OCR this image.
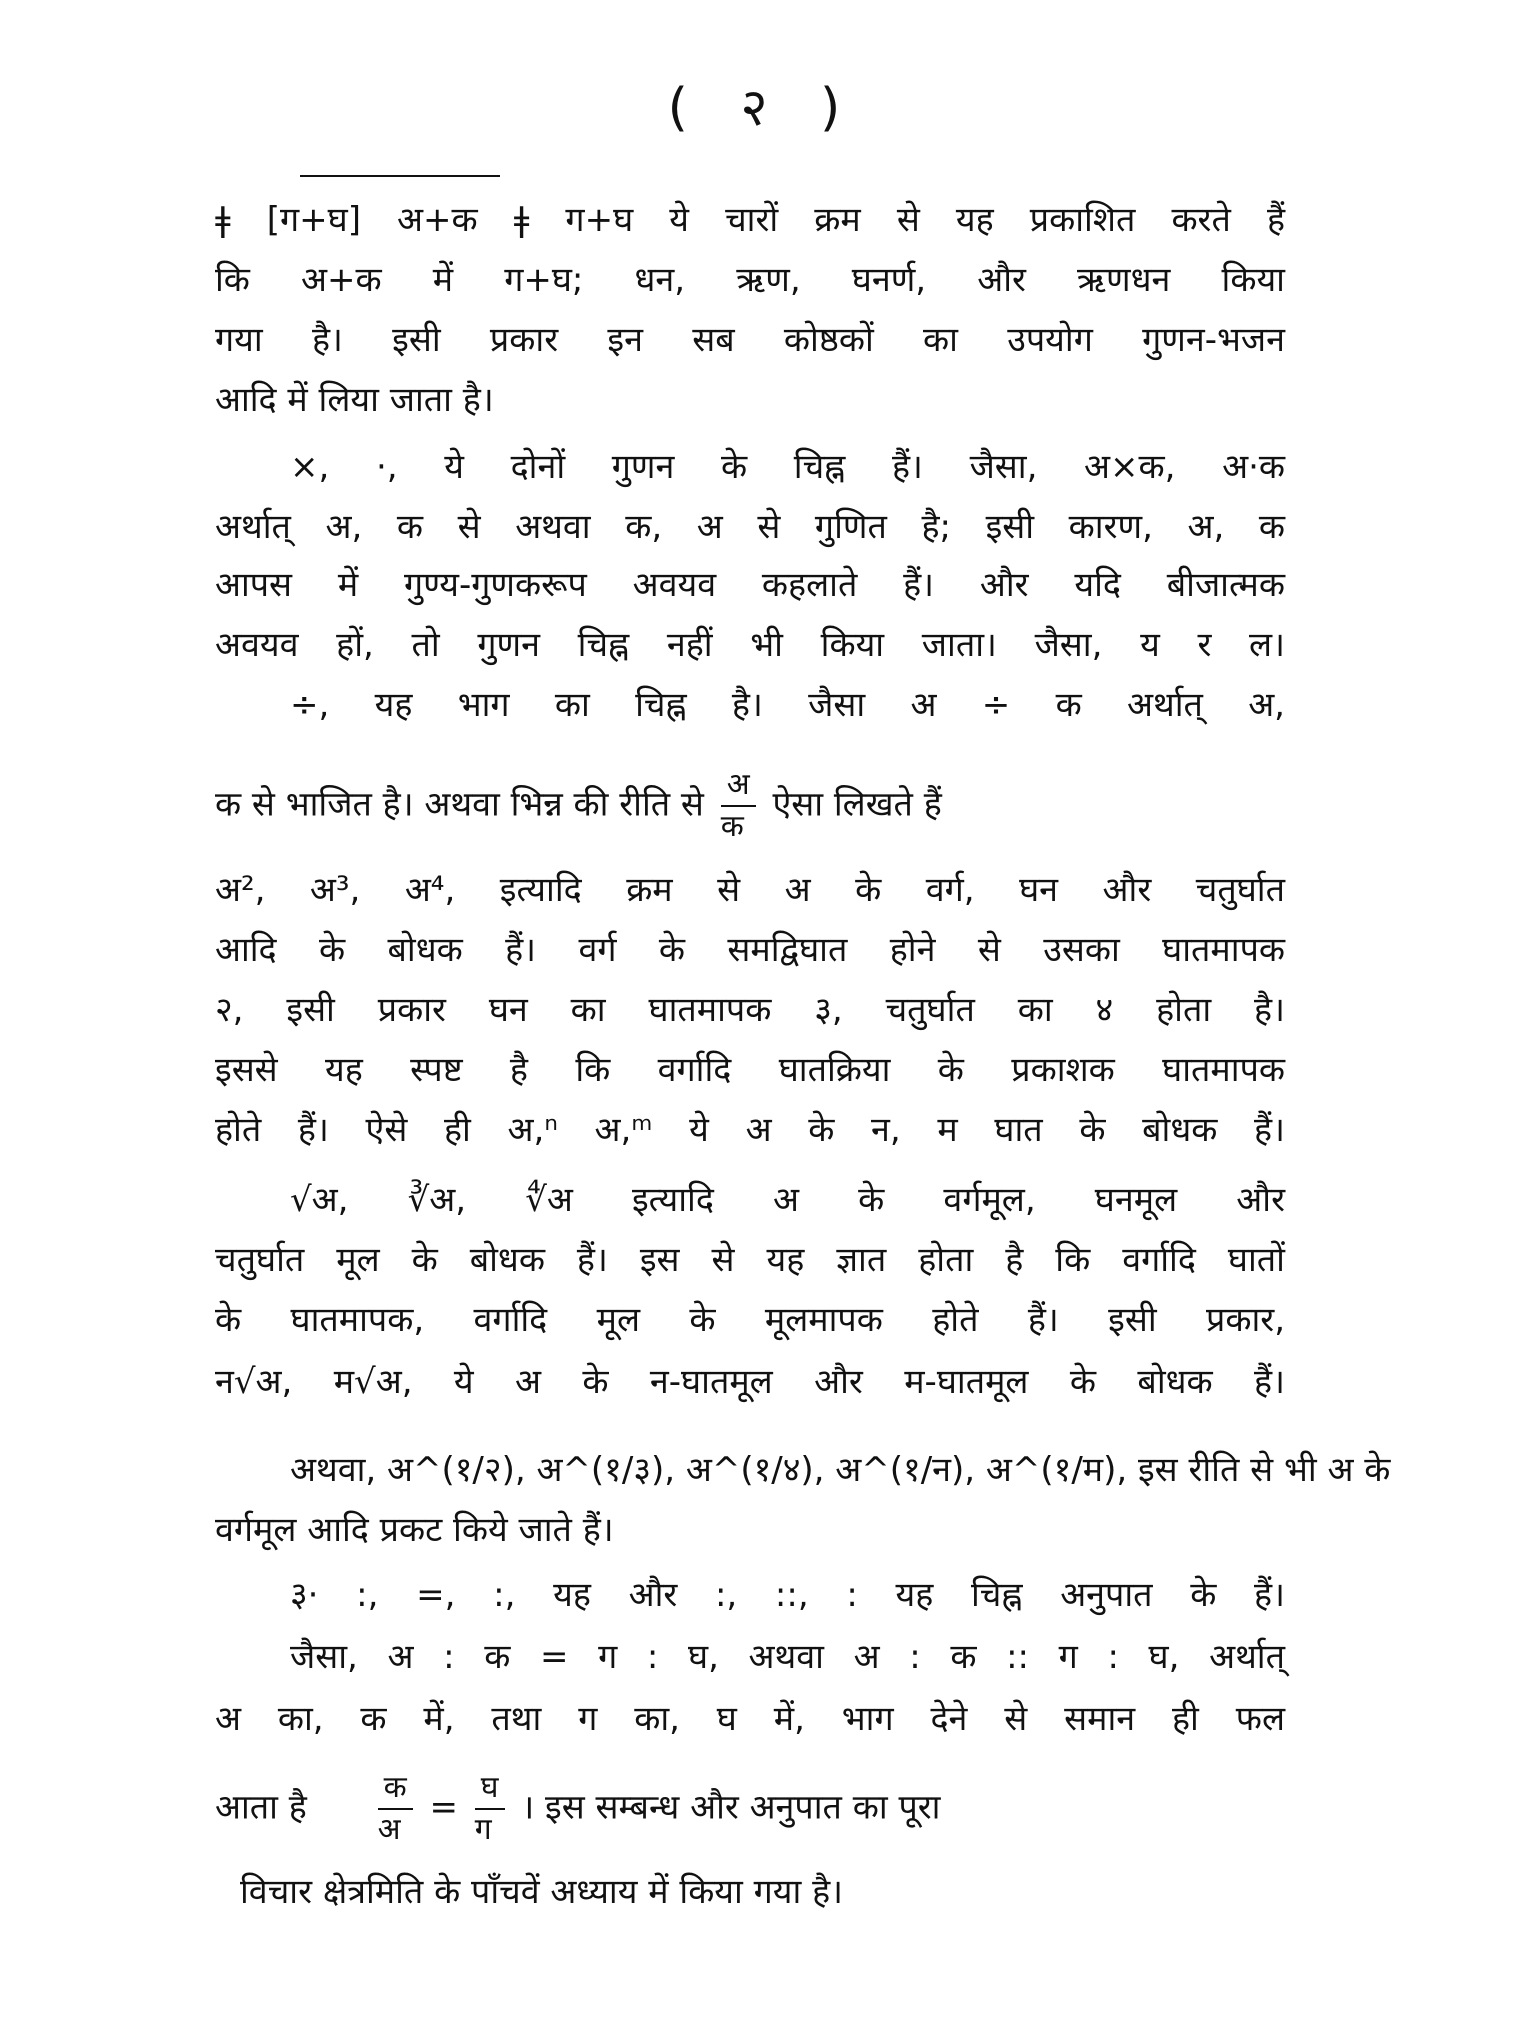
( २ )
ǂ [ग+घ] अ+क ǂ ग+घ ये चारों क्रम से यह प्रकाशित करते हैं
कि अ+क में ग+घ; धन, ऋण, घनर्ण, और ऋणधन किया
गया है। इसी प्रकार इन सब कोष्ठकों का उपयोग गुणन-भजन
आदि में लिया जाता है।
×, ·, ये दोनों गुणन के चिह्न हैं। जैसा, अ×क, अ·क
अर्थात् अ, क से अथवा क, अ से गुणित है; इसी कारण, अ, क
आपस में गुण्य-गुणकरूप अवयव कहलाते हैं। और यदि बीजात्मक
अवयव हों, तो गुणन चिह्न नहीं भी किया जाता। जैसा, य र ल।
÷, यह भाग का चिह्न है। जैसा अ ÷ क अर्थात् अ,
क से भाजित है। अथवा भिन्न की रीति से $\frac{\text{अ}}{\text{क}}$ ऐसा लिखते हैं
अ², अ³, अ⁴, इत्यादि क्रम से अ के वर्ग, घन और चतुर्घात
आदि के बोधक हैं। वर्ग के समद्विघात होने से उसका घातमापक
२, इसी प्रकार घन का घातमापक ३, चतुर्घात का ४ होता है।
इससे यह स्पष्ट है कि वर्गादि घातक्रिया के प्रकाशक घातमापक
होते हैं। ऐसे ही अ,ⁿ अ,ᵐ ये अ के न, म घात के बोधक हैं।
√अ, ∛अ, ∜अ इत्यादि अ के वर्गमूल, घनमूल और
चतुर्घात मूल के बोधक हैं। इस से यह ज्ञात होता है कि वर्गादि घातों
के घातमापक, वर्गादि मूल के मूलमापक होते हैं। इसी प्रकार,
न√अ, म√अ, ये अ के न-घातमूल और म-घातमूल के बोधक हैं।
अथवा, अ^(१/२), अ^(१/३), अ^(१/४), अ^(१/न), अ^(१/म), इस रीति से भी अ के
वर्गमूल आदि प्रकट किये जाते हैं।
३· :, =, :, यह और :, ::, : यह चिह्न अनुपात के हैं।
जैसा, अ : क = ग : घ, अथवा अ : क :: ग : घ, अर्थात्
अ का, क में, तथा ग का, घ में, भाग देने से समान ही फल
आता है $\frac{\text{क}}{\text{अ}} = \frac{\text{घ}}{\text{ग}}$ । इस सम्बन्ध और अनुपात का पूरा
विचार क्षेत्रमिति के पाँचवें अध्याय में किया गया है।
